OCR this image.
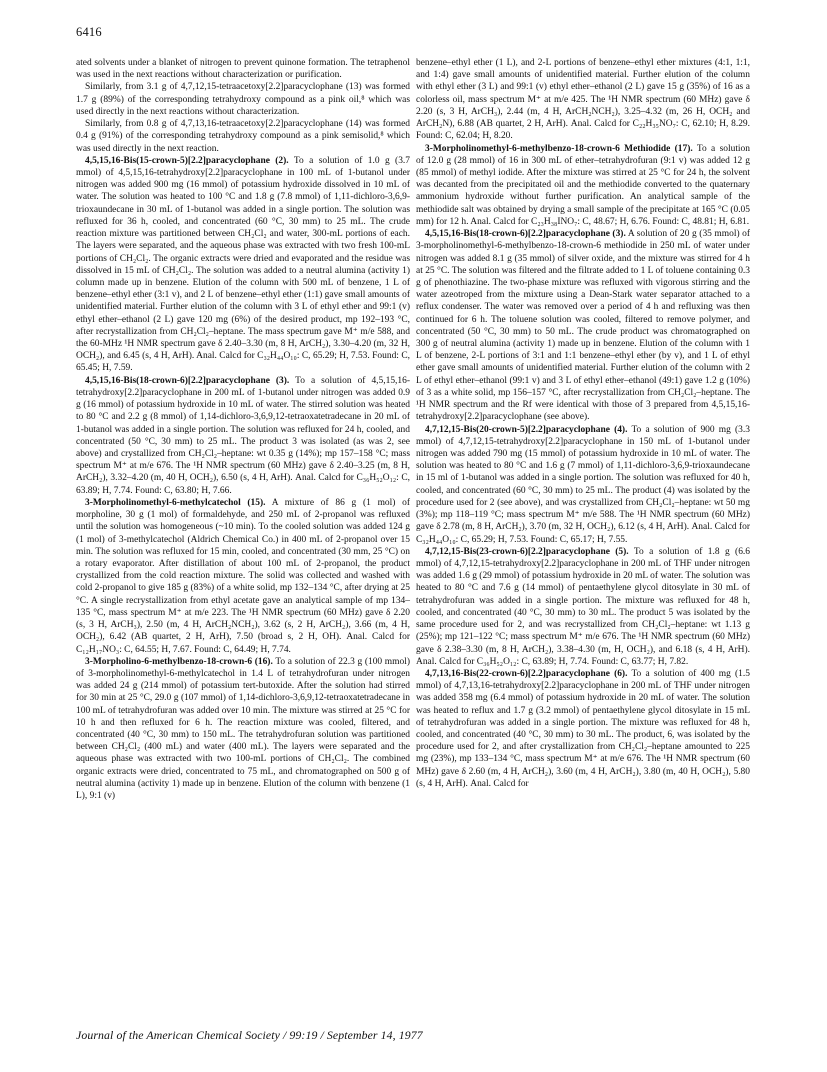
6416

ated solvents under a blanket of nitrogen to prevent quinone formation. The tetraphenol was used in the next reactions without characterization or purification.

Similarly, from 3.1 g of 4,7,12,15-tetraacetoxy[2.2]paracyclophane (13) was formed 1.7 g (89%) of the corresponding tetrahydroxy compound as a pink oil,⁸ which was used directly in the next reactions without characterization.

Similarly, from 0.8 g of 4,7,13,16-tetraacetoxy[2.2]paracyclophane (14) was formed 0.4 g (91%) of the corresponding tetrahydroxy compound as a pink semisolid,⁸ which was used directly in the next reaction.

4,5,15,16-Bis(15-crown-5)[2.2]paracyclophane (2). To a solution of 1.0 g (3.7 mmol) of 4,5,15,16-tetrahydroxy[2.2]paracyclophane in 100 mL of 1-butanol under nitrogen was added 900 mg (16 mmol) of potassium hydroxide dissolved in 10 mL of water. The solution was heated to 100 °C and 1.8 g (7.8 mmol) of 1,11-dichloro-3,6,9-trioxaundecane in 30 mL of 1-butanol was added in a single portion. The solution was refluxed for 36 h, cooled, and concentrated (60 °C, 30 mm) to 25 mL. The crude reaction mixture was partitioned between CH₂Cl₂ and water, 300-mL portions of each. The layers were separated, and the aqueous phase was extracted with two fresh 100-mL portions of CH₂Cl₂. The organic extracts were dried and evaporated and the residue was dissolved in 15 mL of CH₂Cl₂. The solution was added to a neutral alumina (activity 1) column made up in benzene. Elution of the column with 500 mL of benzene, 1 L of benzene–ethyl ether (3:1 v), and 2 L of benzene–ethyl ether (1:1) gave small amounts of unidentified material. Further elution of the column with 3 L of ethyl ether and 99:1 (v) ethyl ether–ethanol (2 L) gave 120 mg (6%) of the desired product, mp 192–193 °C, after recrystallization from CH₂Cl₂–heptane. The mass spectrum gave M⁺ m/e 588, and the 60-MHz ¹H NMR spectrum gave δ 2.40–3.30 (m, 8 H, ArCH₂), 3.30–4.20 (m, 32 H, OCH₂), and 6.45 (s, 4 H, ArH). Anal. Calcd for C₃₂H₄₄O₁₀: C, 65.29; H, 7.53. Found: C, 65.45; H, 7.59.

4,5,15,16-Bis(18-crown-6)[2.2]paracyclophane (3). To a solution of 4,5,15,16-tetrahydroxy[2.2]paracyclophane in 200 mL of 1-butanol under nitrogen was added 0.9 g (16 mmol) of potassium hydroxide in 10 mL of water. The stirred solution was heated to 80 °C and 2.2 g (8 mmol) of 1,14-dichloro-3,6,9,12-tetraoxatetradecane in 20 mL of 1-butanol was added in a single portion. The solution was refluxed for 24 h, cooled, and concentrated (50 °C, 30 mm) to 25 mL. The product 3 was isolated (as was 2, see above) and crystallized from CH₂Cl₂–heptane: wt 0.35 g (14%); mp 157–158 °C; mass spectrum M⁺ at m/e 676. The ¹H NMR spectrum (60 MHz) gave δ 2.40–3.25 (m, 8 H, ArCH₂), 3.32–4.20 (m, 40 H, OCH₂), 6.50 (s, 4 H, ArH). Anal. Calcd for C₃₆H₅₂O₁₂: C, 63.89; H, 7.74. Found: C, 63.80; H, 7.66.

3-Morpholinomethyl-6-methylcatechol (15). A mixture of 86 g (1 mol) of morpholine, 30 g (1 mol) of formaldehyde, and 250 mL of 2-propanol was refluxed until the solution was homogeneous (~10 min). To the cooled solution was added 124 g (1 mol) of 3-methylcatechol (Aldrich Chemical Co.) in 400 mL of 2-propanol over 15 min. The solution was refluxed for 15 min, cooled, and concentrated (30 mm, 25 °C) on a rotary evaporator. After distillation of about 100 mL of 2-propanol, the product crystallized from the cold reaction mixture. The solid was collected and washed with cold 2-propanol to give 185 g (83%) of a white solid, mp 132–134 °C, after drying at 25 °C. A single recrystallization from ethyl acetate gave an analytical sample of mp 134–135 °C, mass spectrum M⁺ at m/e 223. The ¹H NMR spectrum (60 MHz) gave δ 2.20 (s, 3 H, ArCH₃), 2.50 (m, 4 H, ArCH₂NCH₂), 3.62 (s, 2 H, ArCH₂), 3.66 (m, 4 H, OCH₂), 6.42 (AB quartet, 2 H, ArH), 7.50 (broad s, 2 H, OH). Anal. Calcd for C₁₂H₁₇NO₃: C, 64.55; H, 7.67. Found: C, 64.49; H, 7.74.

3-Morpholino-6-methylbenzo-18-crown-6 (16). To a solution of 22.3 g (100 mmol) of 3-morpholinomethyl-6-methylcatechol in 1.4 L of tetrahydrofuran under nitrogen was added 24 g (214 mmol) of potassium tert-butoxide. After the solution had stirred for 30 min at 25 °C, 29.0 g (107 mmol) of 1,14-dichloro-3,6,9,12-tetraoxatetradecane in 100 mL of tetrahydrofuran was added over 10 min. The mixture was stirred at 25 °C for 10 h and then refluxed for 6 h. The reaction mixture was cooled, filtered, and concentrated (40 °C, 30 mm) to 150 mL. The tetrahydrofuran solution was partitioned between CH₂Cl₂ (400 mL) and water (400 mL). The layers were separated and the aqueous phase was extracted with two 100-mL portions of CH₂Cl₂. The combined organic extracts were dried, concentrated to 75 mL, and chromatographed on 500 g of neutral alumina (activity 1) made up in benzene. Elution of the column with benzene (1 L), 9:1 (v)

benzene–ethyl ether (1 L), and 2-L portions of benzene–ethyl ether mixtures (4:1, 1:1, and 1:4) gave small amounts of unidentified material. Further elution of the column with ethyl ether (3 L) and 99:1 (v) ethyl ether–ethanol (2 L) gave 15 g (35%) of 16 as a colorless oil, mass spectrum M⁺ at m/e 425. The ¹H NMR spectrum (60 MHz) gave δ 2.20 (s, 3 H, ArCH₃), 2.44 (m, 4 H, ArCH₂NCH₂), 3.25–4.32 (m, 26 H, OCH₂ and ArCH₂N), 6.88 (AB quartet, 2 H, ArH). Anal. Calcd for C₂₂H₃₅NO₇: C, 62.10; H, 8.29. Found: C, 62.04; H, 8.20.

3-Morpholinomethyl-6-methylbenzo-18-crown-6 Methiodide (17). To a solution of 12.0 g (28 mmol) of 16 in 300 mL of ether–tetrahydrofuran (9:1 v) was added 12 g (85 mmol) of methyl iodide. After the mixture was stirred at 25 °C for 24 h, the solvent was decanted from the precipitated oil and the methiodide converted to the quaternary ammonium hydroxide without further purification. An analytical sample of the methiodide salt was obtained by drying a small sample of the precipitate at 165 °C (0.05 mm) for 12 h. Anal. Calcd for C₂₃H₃₈INO₇: C, 48.67; H, 6.76. Found: C, 48.81; H, 6.81.

4,5,15,16-Bis(18-crown-6)[2.2]paracyclophane (3). A solution of 20 g (35 mmol) of 3-morpholinomethyl-6-methylbenzo-18-crown-6 methiodide in 250 mL of water under nitrogen was added 8.1 g (35 mmol) of silver oxide, and the mixture was stirred for 4 h at 25 °C. The solution was filtered and the filtrate added to 1 L of toluene containing 0.3 g of phenothiazine. The two-phase mixture was refluxed with vigorous stirring and the water azeotroped from the mixture using a Dean-Stark water separator attached to a reflux condenser. The water was removed over a period of 4 h and refluxing was then continued for 6 h. The toluene solution was cooled, filtered to remove polymer, and concentrated (50 °C, 30 mm) to 50 mL. The crude product was chromatographed on 300 g of neutral alumina (activity 1) made up in benzene. Elution of the column with 1 L of benzene, 2-L portions of 3:1 and 1:1 benzene–ethyl ether (by v), and 1 L of ethyl ether gave small amounts of unidentified material. Further elution of the column with 2 L of ethyl ether–ethanol (99:1 v) and 3 L of ethyl ether–ethanol (49:1) gave 1.2 g (10%) of 3 as a white solid, mp 156–157 °C, after recrystallization from CH₂Cl₂–heptane. The ¹H NMR spectrum and the Rf were identical with those of 3 prepared from 4,5,15,16-tetrahydroxy[2.2]paracyclophane (see above).

4,7,12,15-Bis(20-crown-5)[2.2]paracyclophane (4). To a solution of 900 mg (3.3 mmol) of 4,7,12,15-tetrahydroxy[2.2]paracyclophane in 150 mL of 1-butanol under nitrogen was added 790 mg (15 mmol) of potassium hydroxide in 10 mL of water. The solution was heated to 80 °C and 1.6 g (7 mmol) of 1,11-dichloro-3,6,9-trioxaundecane in 15 ml of 1-butanol was added in a single portion. The solution was refluxed for 40 h, cooled, and concentrated (60 °C, 30 mm) to 25 mL. The product (4) was isolated by the procedure used for 2 (see above), and was crystallized from CH₂Cl₂–heptane: wt 50 mg (3%); mp 118–119 °C; mass spectrum M⁺ m/e 588. The ¹H NMR spectrum (60 MHz) gave δ 2.78 (m, 8 H, ArCH₂), 3.70 (m, 32 H, OCH₂), 6.12 (s, 4 H, ArH). Anal. Calcd for C₃₂H₄₄O₁₀: C, 65.29; H, 7.53. Found: C, 65.17; H, 7.55.

4,7,12,15-Bis(23-crown-6)[2.2]paracyclophane (5). To a solution of 1.8 g (6.6 mmol) of 4,7,12,15-tetrahydroxy[2.2]paracyclophane in 200 mL of THF under nitrogen was added 1.6 g (29 mmol) of potassium hydroxide in 20 mL of water. The solution was heated to 80 °C and 7.6 g (14 mmol) of pentaethylene glycol ditosylate in 30 mL of tetrahydrofuran was added in a single portion. The mixture was refluxed for 48 h, cooled, and concentrated (40 °C, 30 mm) to 30 mL. The product 5 was isolated by the same procedure used for 2, and was recrystallized from CH₂Cl₂–heptane: wt 1.13 g (25%); mp 121–122 °C; mass spectrum M⁺ m/e 676. The ¹H NMR spectrum (60 MHz) gave δ 2.38–3.30 (m, 8 H, ArCH₂), 3.38–4.30 (m, H, OCH₂), and 6.18 (s, 4 H, ArH). Anal. Calcd for C₃₆H₅₂O₁₂: C, 63.89; H, 7.74. Found: C, 63.77; H, 7.82.

4,7,13,16-Bis(22-crown-6)[2.2]paracyclophane (6). To a solution of 400 mg (1.5 mmol) of 4,7,13,16-tetrahydroxy[2.2]paracyclophane in 200 mL of THF under nitrogen was added 358 mg (6.4 mmol) of potassium hydroxide in 20 mL of water. The solution was heated to reflux and 1.7 g (3.2 mmol) of pentaethylene glycol ditosylate in 15 mL of tetrahydrofuran was added in a single portion. The mixture was refluxed for 48 h, cooled, and concentrated (40 °C, 30 mm) to 30 mL. The product, 6, was isolated by the procedure used for 2, and after crystallization from CH₂Cl₂–heptane amounted to 225 mg (23%), mp 133–134 °C, mass spectrum M⁺ at m/e 676. The ¹H NMR spectrum (60 MHz) gave δ 2.60 (m, 4 H, ArCH₂), 3.60 (m, 4 H, ArCH₂), 3.80 (m, 40 H, OCH₂), 5.80 (s, 4 H, ArH). Anal. Calcd for

Journal of the American Chemical Society / 99:19 / September 14, 1977
